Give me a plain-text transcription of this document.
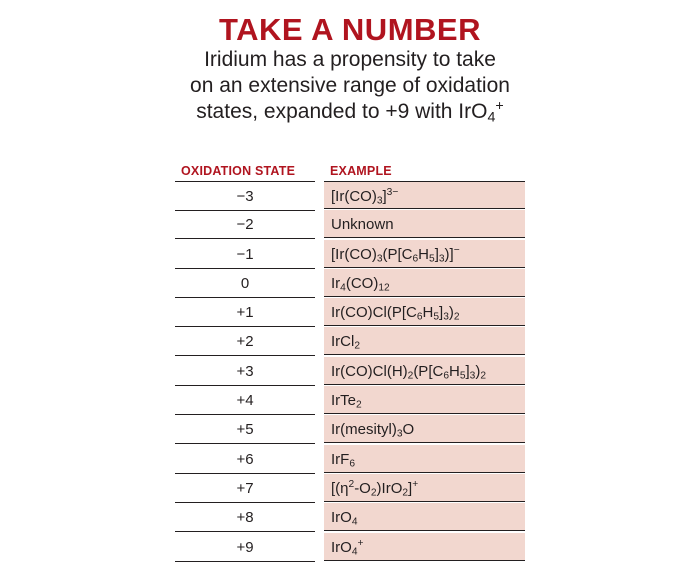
TAKE A NUMBER
Iridium has a propensity to take
on an extensive range of oxidation
states, expanded to +9 with IrO$_4$+
OXIDATION STATE	EXAMPLE
−3	$[Ir(CO)_3]^{3-}$
−2	Unknown
−1	$[Ir(CO)_3(P[C_6H_5]_3)]^-$
0	$Ir_4(CO)_{12}$
+1	$Ir(CO)Cl(P[C_6H_5]_3)_2$
+2	IrCl$_2$
+3	$Ir(CO)Cl(H)_2(P[C_6H_5]_3)_2$
+4	IrTe$_2$
+5	$Ir(mesityl)_3O$
+6	IrF$_6$
+7	$[(\eta^2-O_2)IrO_2]^+$
+8	IrO$_4$
+9	IrO$_4$+
